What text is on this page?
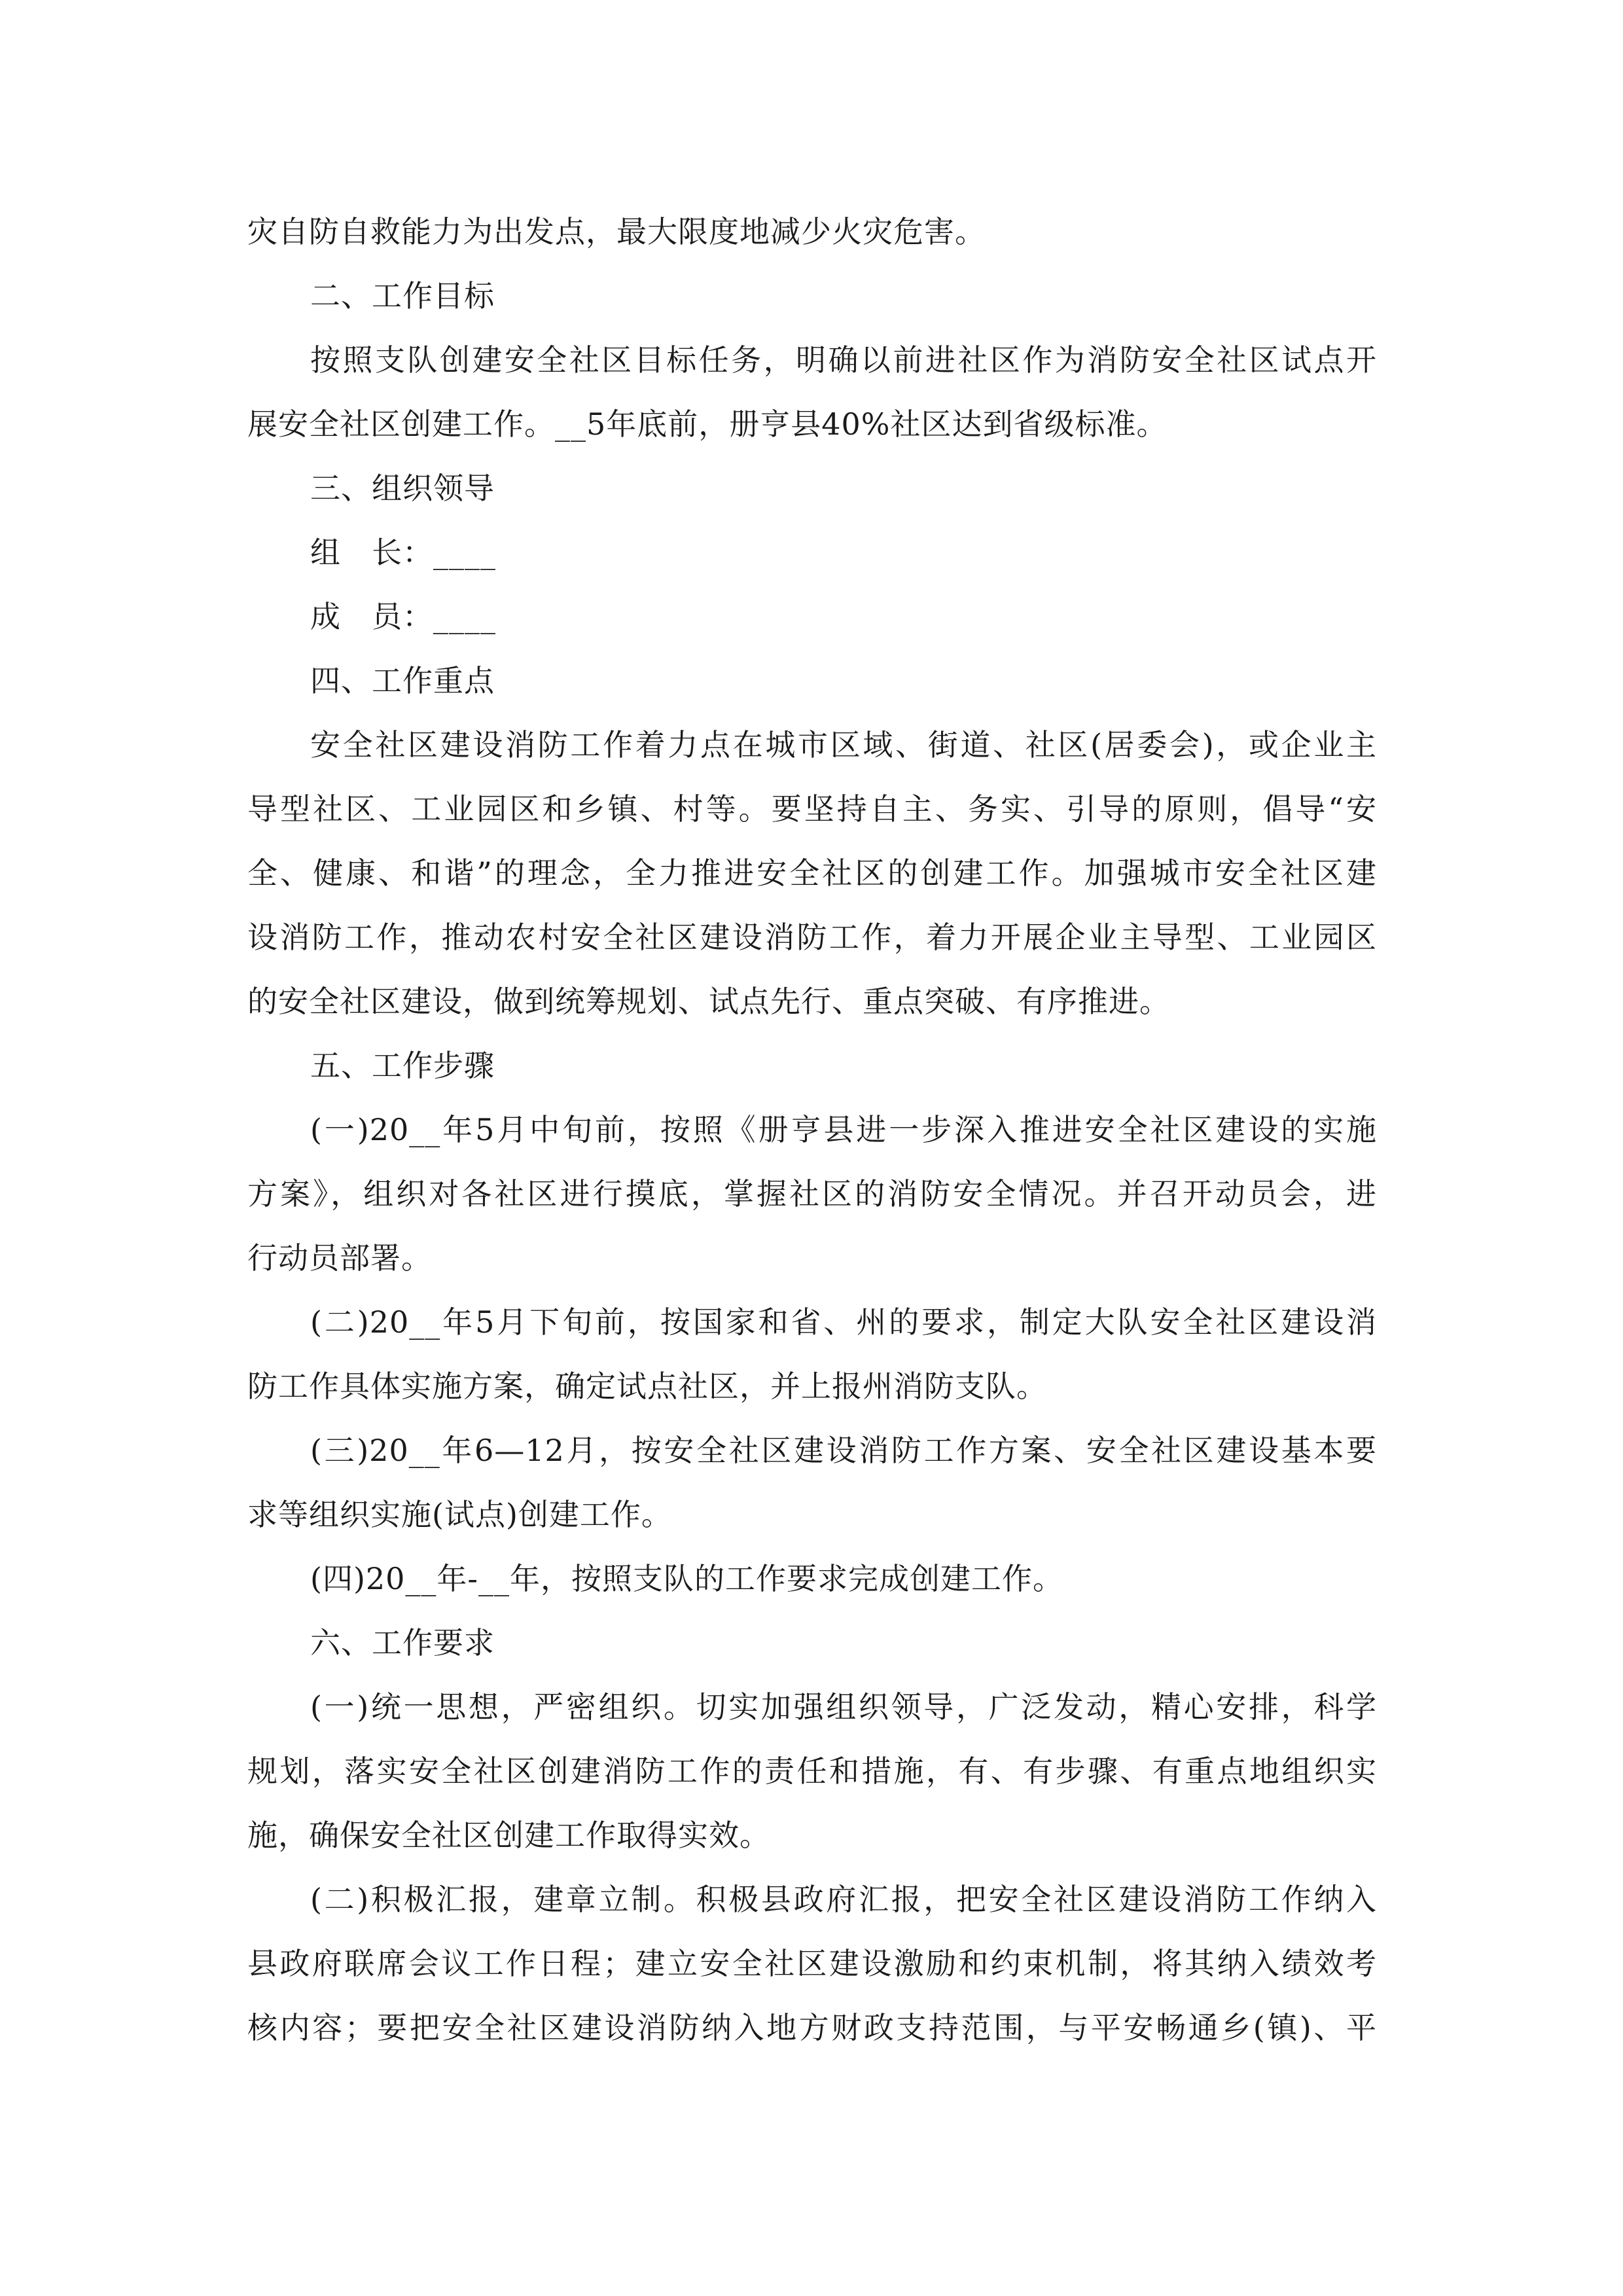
灾自防自救能力为出发点，最大限度地减少火灾危害。
二、工作目标
按照支队创建安全社区目标任务，明确以前进社区作为消防安全社区试点开
展安全社区创建工作。__5年底前，册亨县40%社区达到省级标准。
三、组织领导
组　长：____
成　员：____
四、工作重点
安全社区建设消防工作着力点在城市区域、街道、社区(居委会)，或企业主
导型社区、工业园区和乡镇、村等。要坚持自主、务实、引导的原则，倡导“安
全、健康、和谐”的理念，全力推进安全社区的创建工作。加强城市安全社区建
设消防工作，推动农村安全社区建设消防工作，着力开展企业主导型、工业园区
的安全社区建设，做到统筹规划、试点先行、重点突破、有序推进。
五、工作步骤
(一)20__年5月中旬前，按照《册亨县进一步深入推进安全社区建设的实施
方案》，组织对各社区进行摸底，掌握社区的消防安全情况。并召开动员会，进
行动员部署。
(二)20__年5月下旬前，按国家和省、州的要求，制定大队安全社区建设消
防工作具体实施方案，确定试点社区，并上报州消防支队。
(三)20__年6—12月，按安全社区建设消防工作方案、安全社区建设基本要
求等组织实施(试点)创建工作。
(四)20__年-__年，按照支队的工作要求完成创建工作。
六、工作要求
(一)统一思想，严密组织。切实加强组织领导，广泛发动，精心安排，科学
规划，落实安全社区创建消防工作的责任和措施，有、有步骤、有重点地组织实
施，确保安全社区创建工作取得实效。
(二)积极汇报，建章立制。积极县政府汇报，把安全社区建设消防工作纳入
县政府联席会议工作日程；建立安全社区建设激励和约束机制，将其纳入绩效考
核内容；要把安全社区建设消防纳入地方财政支持范围，与平安畅通乡(镇)、平
